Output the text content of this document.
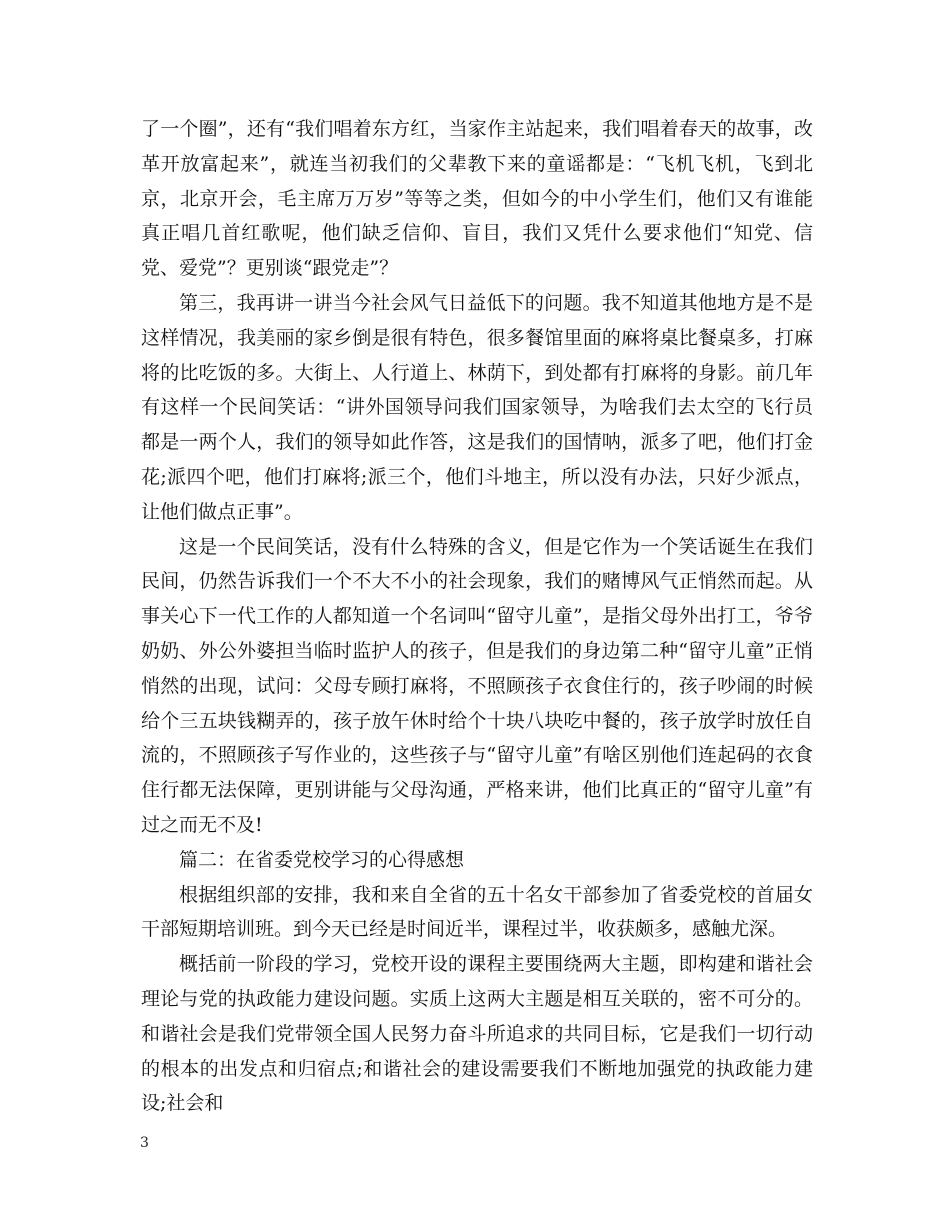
了一个圈”，还有“我们唱着东方红，当家作主站起来，我们唱着春天的故事，改革开放富起来”，就连当初我们的父辈教下来的童谣都是：“飞机飞机，飞到北京，北京开会，毛主席万万岁”等等之类，但如今的中小学生们，他们又有谁能真正唱几首红歌呢，他们缺乏信仰、盲目，我们又凭什么要求他们“知党、信党、爱党”？更别谈“跟党走”？

第三，我再讲一讲当今社会风气日益低下的问题。我不知道其他地方是不是这样情况，我美丽的家乡倒是很有特色，很多餐馆里面的麻将桌比餐桌多，打麻将的比吃饭的多。大街上、人行道上、林荫下，到处都有打麻将的身影。前几年有这样一个民间笑话：“讲外国领导问我们国家领导，为啥我们去太空的飞行员都是一两个人，我们的领导如此作答，这是我们的国情呐，派多了吧，他们打金花;派四个吧，他们打麻将;派三个，他们斗地主，所以没有办法，只好少派点，让他们做点正事”。

这是一个民间笑话，没有什么特殊的含义，但是它作为一个笑话诞生在我们民间，仍然告诉我们一个不大不小的社会现象，我们的赌博风气正悄然而起。从事关心下一代工作的人都知道一个名词叫“留守儿童”，是指父母外出打工，爷爷奶奶、外公外婆担当临时监护人的孩子，但是我们的身边第二种“留守儿童”正悄悄然的出现，试问：父母专顾打麻将，不照顾孩子衣食住行的，孩子吵闹的时候给个三五块钱糊弄的，孩子放午休时给个十块八块吃中餐的，孩子放学时放任自流的，不照顾孩子写作业的，这些孩子与“留守儿童”有啥区别他们连起码的衣食住行都无法保障，更别讲能与父母沟通，严格来讲，他们比真正的“留守儿童”有过之而无不及!

篇二：在省委党校学习的心得感想

根据组织部的安排，我和来自全省的五十名女干部参加了省委党校的首届女干部短期培训班。到今天已经是时间近半，课程过半，收获颇多，感触尤深。

概括前一阶段的学习，党校开设的课程主要围绕两大主题，即构建和谐社会理论与党的执政能力建设问题。实质上这两大主题是相互关联的，密不可分的。和谐社会是我们党带领全国人民努力奋斗所追求的共同目标，它是我们一切行动的根本的出发点和归宿点;和谐社会的建设需要我们不断地加强党的执政能力建设;社会和

3
